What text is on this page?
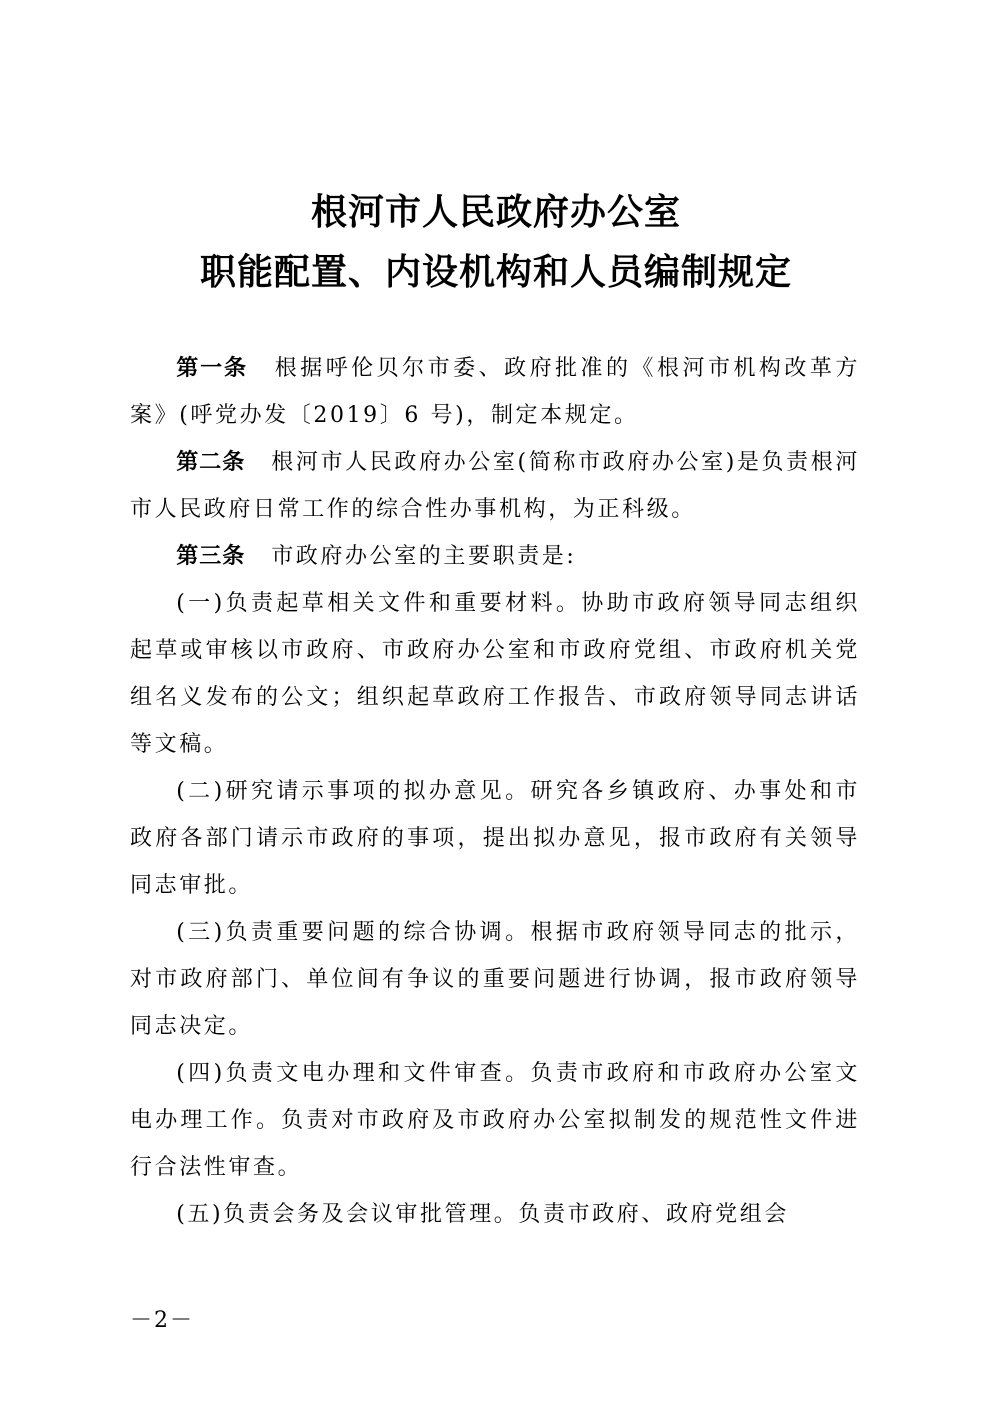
根河市人民政府办公室
职能配置、内设机构和人员编制规定

第一条 根据呼伦贝尔市委、政府批准的《根河市机构改革方案》(呼党办发〔2019〕6 号)，制定本规定。

第二条 根河市人民政府办公室(简称市政府办公室)是负责根河市人民政府日常工作的综合性办事机构，为正科级。

第三条 市政府办公室的主要职责是:

(一)负责起草相关文件和重要材料。协助市政府领导同志组织起草或审核以市政府、市政府办公室和市政府党组、市政府机关党组名义发布的公文；组织起草政府工作报告、市政府领导同志讲话等文稿。

(二)研究请示事项的拟办意见。研究各乡镇政府、办事处和市政府各部门请示市政府的事项，提出拟办意见，报市政府有关领导同志审批。

(三)负责重要问题的综合协调。根据市政府领导同志的批示，对市政府部门、单位间有争议的重要问题进行协调，报市政府领导同志决定。

(四)负责文电办理和文件审查。负责市政府和市政府办公室文电办理工作。负责对市政府及市政府办公室拟制发的规范性文件进行合法性审查。

(五)负责会务及会议审批管理。负责市政府、政府党组会

－2－
